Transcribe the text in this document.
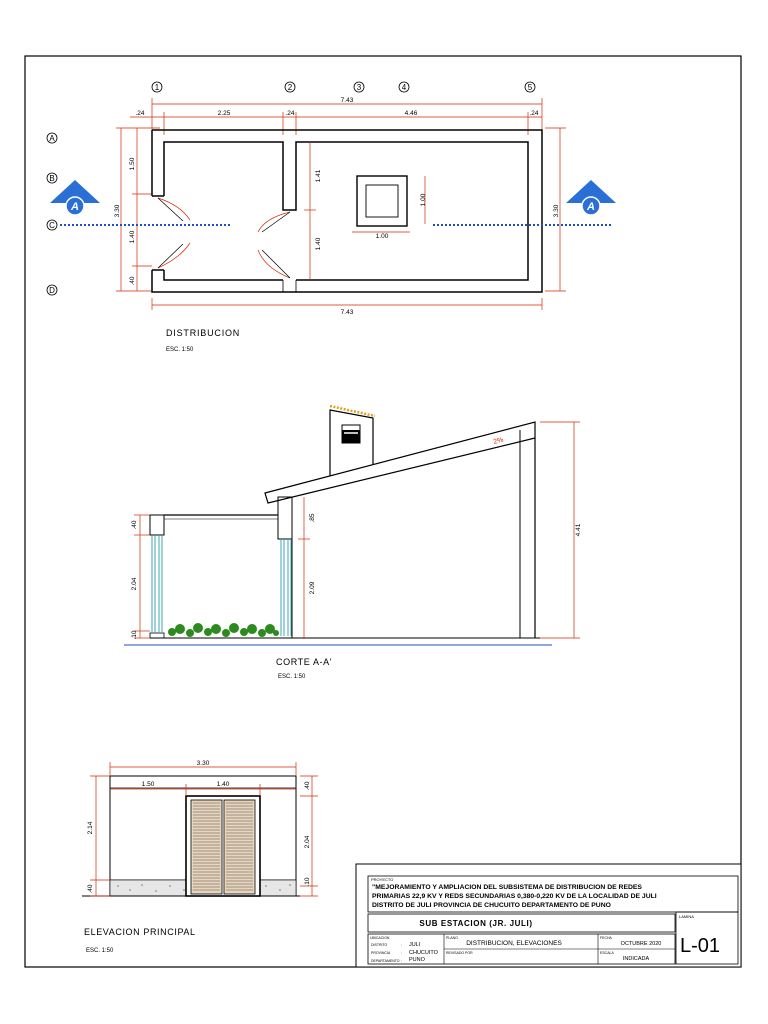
1	2	3	4	5
A
B
C
D
7.43
.24	2.25	.24	4.46	.24
3.30
1.50
1.40
.40
3.30
1.41
1.40
1.00
1.00
A	A
7.43
DISTRIBUCION
ESC. 1:50
2%
.40
2.04
.10
.85
2.09
4.41
CORTE A-A'
ESC. 1:50
3.30
1.50	1.40
2.14
.40
.40
2.04
.10
ELEVACION PRINCIPAL
ESC. 1:50
PROYECTO
"MEJORAMIENTO Y AMPLIACION DEL SUBSISTEMA DE DISTRIBUCION DE REDES
PRIMARIAS 22,9 KV Y REDS SECUNDARIAS 0,380-0,220 KV DE LA LOCALIDAD DE JULI
DISTRITO DE JULI PROVINCIA DE CHUCUITO DEPARTAMENTO DE PUNO
SUB ESTACION (JR. JULI)
LAMINA
L-01
UBICACION
DISTRITO	: JULI
PROVINCIA	: CHUCUITO
DEPARTAMENTO : PUNO
PLANO
DISTRIBUCION, ELEVACIONES
REVISADO POR
FECHA
OCTUBRE 2020
ESCALA
INDICADA
